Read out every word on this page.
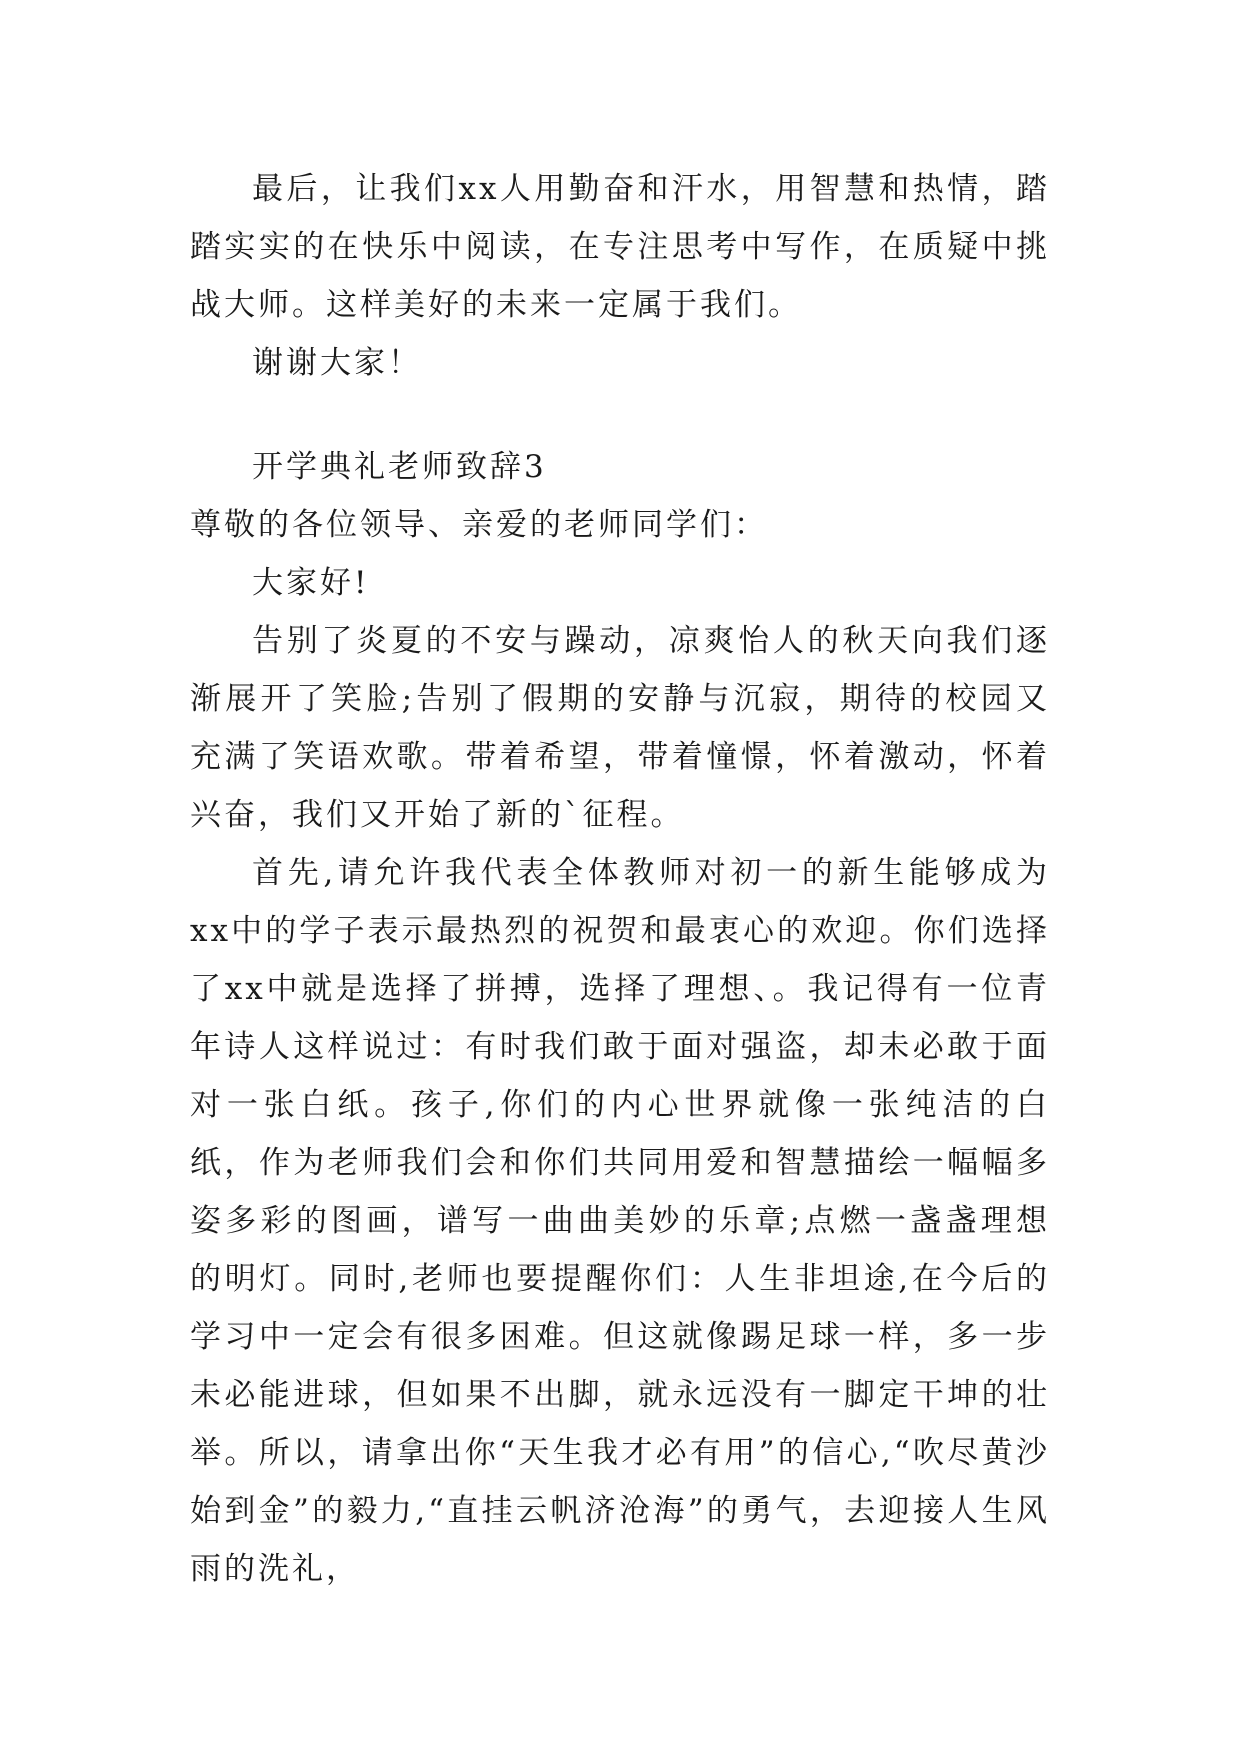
最后，让我们xx人用勤奋和汗水，用智慧和热情，踏踏实实的在快乐中阅读，在专注思考中写作，在质疑中挑战大师。这样美好的未来一定属于我们。

谢谢大家！

开学典礼老师致辞3

尊敬的各位领导、亲爱的老师同学们：

大家好!

告别了炎夏的不安与躁动，凉爽怡人的秋天向我们逐渐展开了笑脸;告别了假期的安静与沉寂，期待的校园又充满了笑语欢歌。带着希望，带着憧憬，怀着激动，怀着兴奋，我们又开始了新的`征程。

首先,请允许我代表全体教师对初一的新生能够成为xx中的学子表示最热烈的祝贺和最衷心的欢迎。你们选择了xx中就是选择了拼搏，选择了理想、。我记得有一位青年诗人这样说过：有时我们敢于面对强盗，却未必敢于面对一张白纸。孩子,你们的内心世界就像一张纯洁的白纸，作为老师我们会和你们共同用爱和智慧描绘一幅幅多姿多彩的图画，谱写一曲曲美妙的乐章;点燃一盏盏理想的明灯。同时,老师也要提醒你们：人生非坦途,在今后的学习中一定会有很多困难。但这就像踢足球一样，多一步未必能进球，但如果不出脚，就永远没有一脚定干坤的壮举。所以，请拿出你“天生我才必有用”的信心,“吹尽黄沙始到金”的毅力,“直挂云帆济沧海”的勇气，去迎接人生风雨的洗礼，
